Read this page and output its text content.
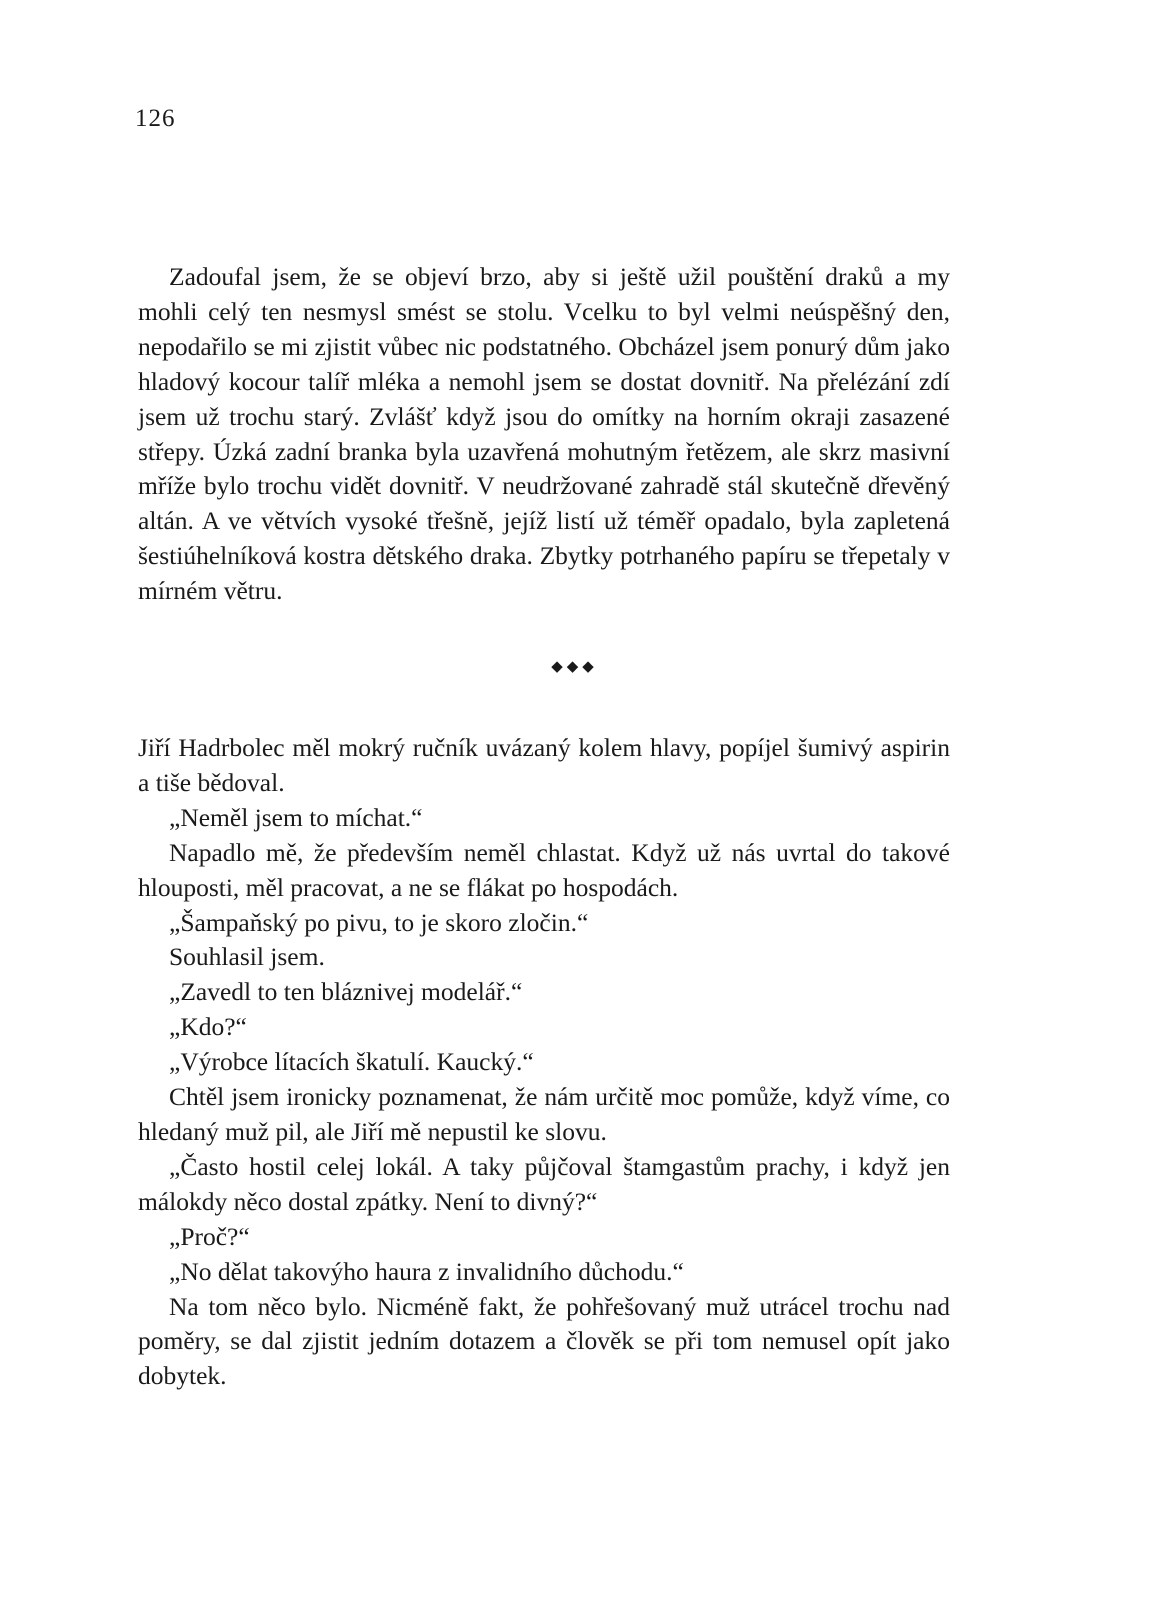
126

Zadoufal jsem, že se objeví brzo, aby si ještě užil pouštění draků a my mohli celý ten nesmysl smést se stolu. Vcelku to byl velmi neúspěšný den, nepodařilo se mi zjistit vůbec nic podstatného. Obcházel jsem ponurý dům jako hladový kocour talíř mléka a nemohl jsem se dostat dovnitř. Na přelézání zdí jsem už trochu starý. Zvlášť když jsou do omítky na horním okraji zasazené střepy. Úzká zadní branka byla uzavřená mohutným řetězem, ale skrz masivní mříže bylo trochu vidět dovnitř. V neudržované zahradě stál skutečně dřevěný altán. A ve větvích vysoké třešně, jejíž listí už téměř opadalo, byla zapletená šestiúhelníková kostra dětského draka. Zbytky potrhaného papíru se třepetaly v mírném větru.

◆◆◆

Jiří Hadrbolec měl mokrý ručník uvázaný kolem hlavy, popíjel šumivý aspirin a tiše bědoval.

„Neměl jsem to míchat.“

Napadlo mě, že především neměl chlastat. Když už nás uvrtal do takové hlouposti, měl pracovat, a ne se flákat po hospodách.

„Šampaňský po pivu, to je skoro zločin.“

Souhlasil jsem.

„Zavedl to ten bláznivej modelář.“

„Kdo?“

„Výrobce lítacích škatulí. Kaucký.“

Chtěl jsem ironicky poznamenat, že nám určitě moc pomůže, když víme, co hledaný muž pil, ale Jiří mě nepustil ke slovu.

„Často hostil celej lokál. A taky půjčoval štamgastům prachy, i když jen málokdy něco dostal zpátky. Není to divný?“

„Proč?“

„No dělat takovýho haura z invalidního důchodu.“

Na tom něco bylo. Nicméně fakt, že pohřešovaný muž utrácel trochu nad poměry, se dal zjistit jedním dotazem a člověk se při tom nemusel opít jako dobytek.
